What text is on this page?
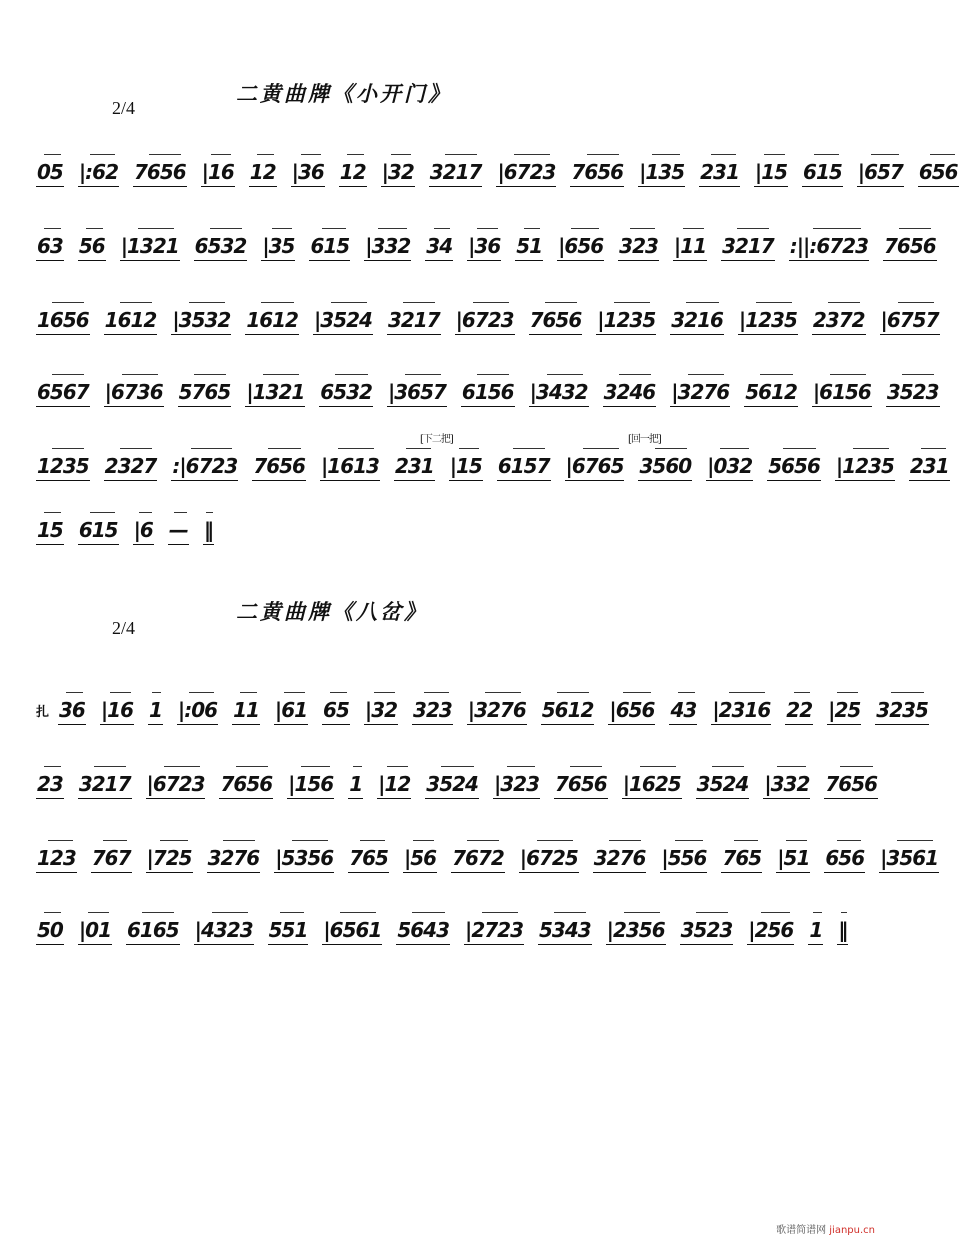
二黄曲牌《小开门》
2/4
05 |:62 7656 |16 12 |36 12 |32 3217 |6723 7656 |135 231 |15 615 |657 656
63 56 |1321 6532 |35 615 |332 34 |36 51 |656 323 |11 3217 :||:6723 7656
1656 1612 |3532 1612 |3524 3217 |6723 7656 |1235 3216 |1235 2372 |6757
6567 |6736 5765 |1321 6532 |3657 6156 |3432 3246 |3276 5612 |6156 3523
[下二把]	[回一把]
1235 2327 :|6723 7656 |1613 231 |15 6157 |6765 3560 |032 5656 |1235 231
15 615 |6 — ‖
二黄曲牌《八岔》
2/4
扎 36 |16 1 |:06 11 |61 65 |32 323 |3276 5612 |656 43 |2316 22 |25 3235
23 3217 |6723 7656 |156 1 |12 3524 |323 7656 |1625 3524 |332 7656
123 767 |725 3276 |5356 765 |56 7672 |6725 3276 |556 765 |51 656 |3561
50 |01 6165 |4323 551 |6561 5643 |2723 5343 |2356 3523 |256 1 ‖
歌谱简谱网 jianpu.cn
